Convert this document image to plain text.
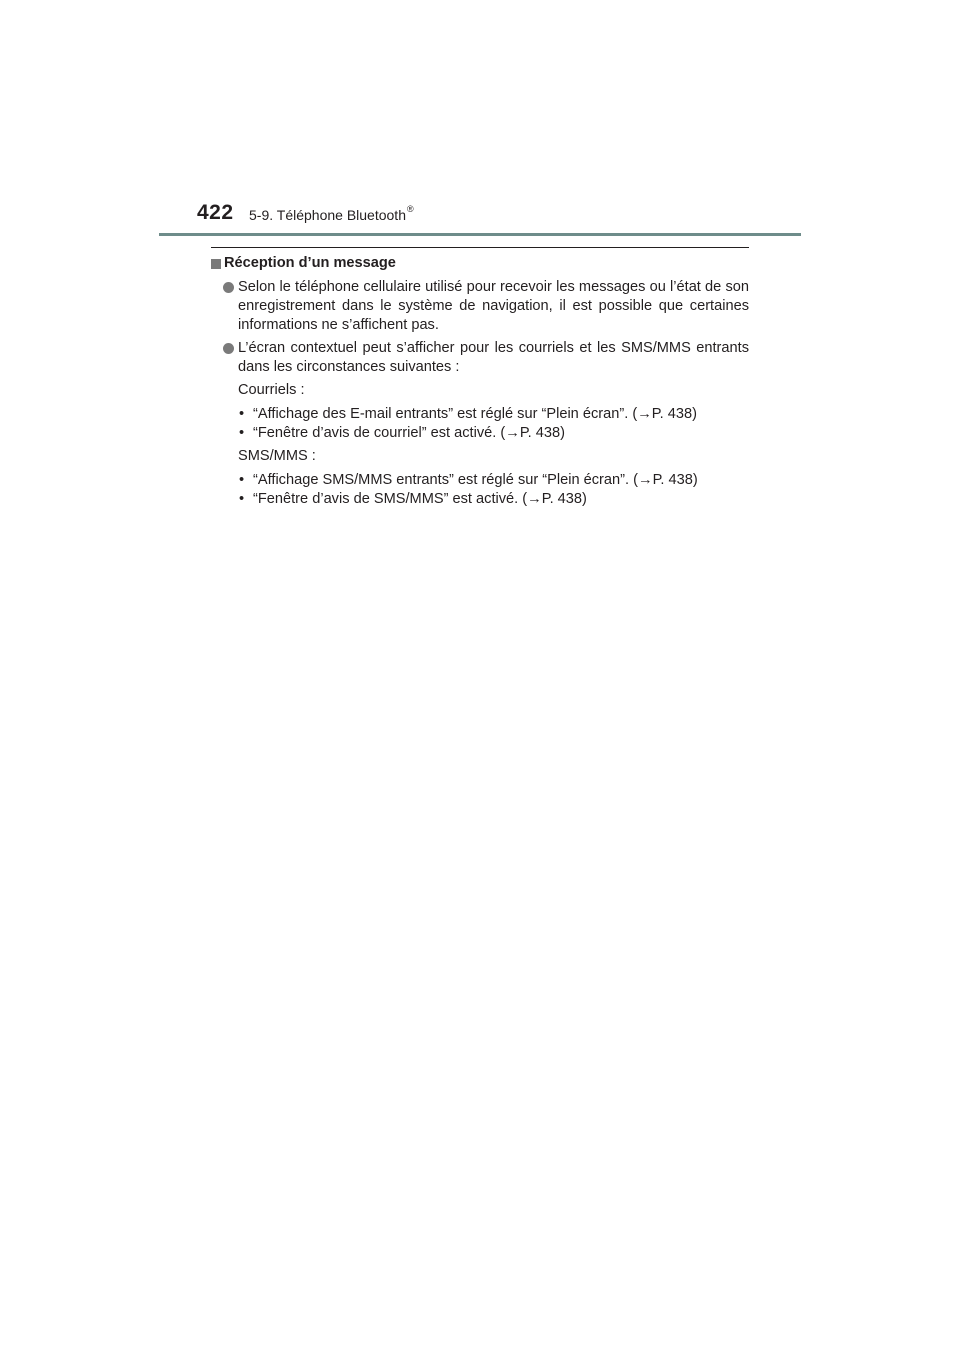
422 5-9. Téléphone Bluetooth®
Réception d’un message
Selon le téléphone cellulaire utilisé pour recevoir les messages ou l’état de son enregistrement dans le système de navigation, il est possible que certaines informations ne s’affichent pas.
L’écran contextuel peut s’afficher pour les courriels et les SMS/MMS entrants dans les circonstances suivantes :
Courriels :
• “Affichage des E-mail entrants” est réglé sur “Plein écran”. (→P. 438)
• “Fenêtre d’avis de courriel” est activé. (→P. 438)
SMS/MMS :
• “Affichage SMS/MMS entrants” est réglé sur “Plein écran”. (→P. 438)
• “Fenêtre d’avis de SMS/MMS” est activé. (→P. 438)
